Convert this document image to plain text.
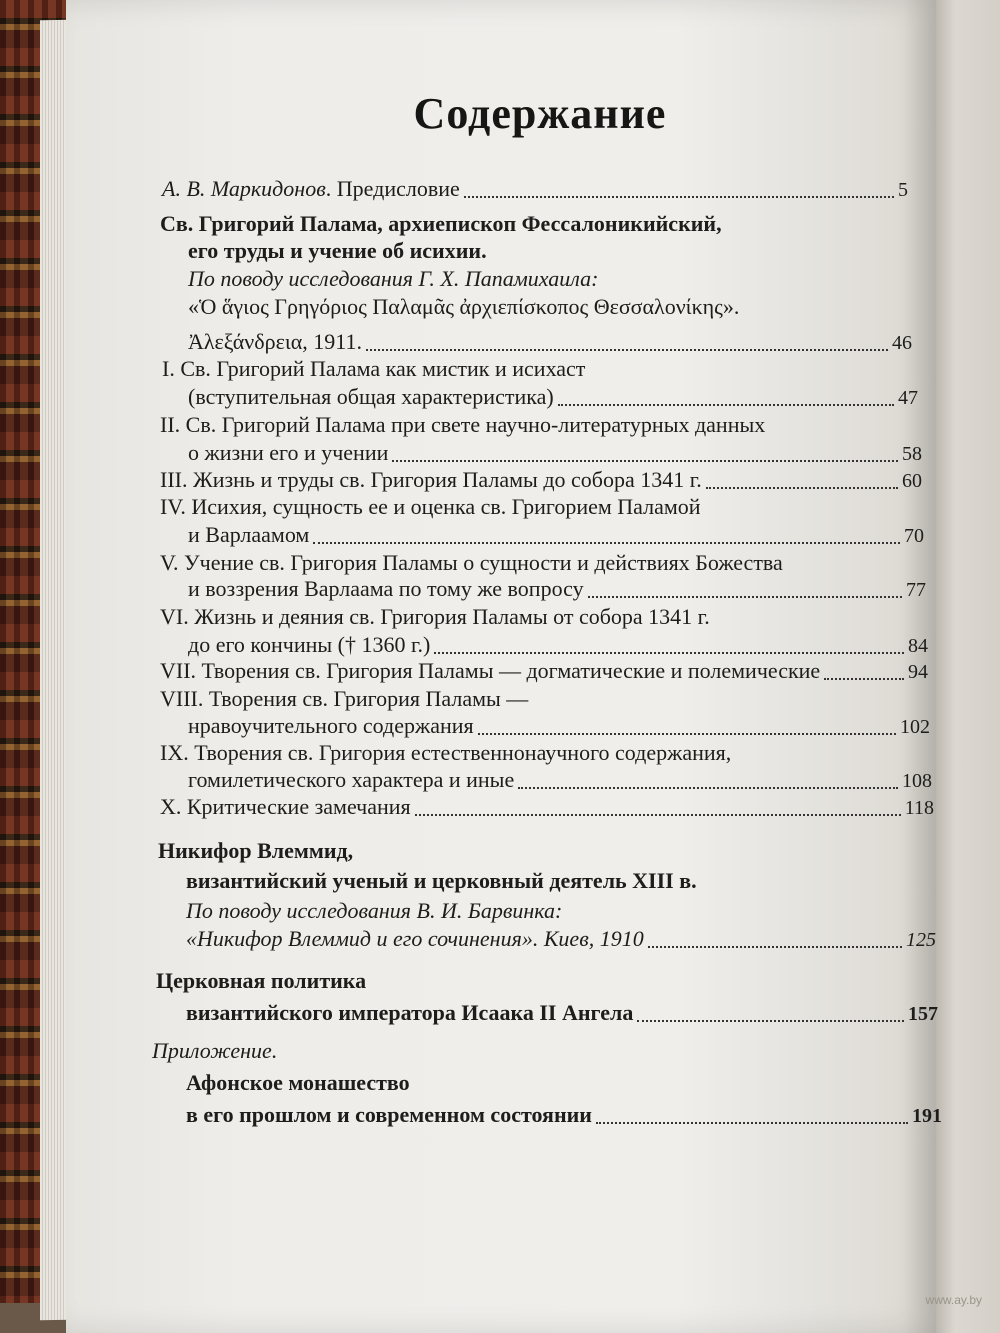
Содержание
А. В. Маркидонов . Предисловие	5
Св. Григорий Палама, архиепископ Фессалоникийский,
его труды и учение об исихии.
По поводу исследования Г. Х. Папамихаила:
«Ὁ ἅγιος Γρηγόριος Παλαμᾶς ἀρχιεπίσκοπος Θεσσαλονίκης».
Ἀλεξάνδρεια, 1911.	46
I. Св. Григорий Палама как мистик и исихаст
(вступительная общая характеристика)	47
II. Св. Григорий Палама при свете научно-литературных данных
о жизни его и учении	58
III. Жизнь и труды св. Григория Паламы до собора 1341 г.	60
IV. Исихия, сущность ее и оценка св. Григорием Паламой
и Варлаамом	70
V. Учение св. Григория Паламы о сущности и действиях Божества
и воззрения Варлаама по тому же вопросу	77
VI. Жизнь и деяния св. Григория Паламы от собора 1341 г.
до его кончины († 1360 г.)	84
VII. Творения св. Григория Паламы — догматические и полемические	94
VIII. Творения св. Григория Паламы —
нравоучительного содержания	102
IX. Творения св. Григория естественнонаучного содержания,
гомилетического характера и иные	108
X. Критические замечания	118
Никифор Влеммид,
византийский ученый и церковный деятель XIII в.
По поводу исследования В. И. Барвинка:
«Никифор Влеммид и его сочинения». Киев, 1910	125
Церковная политика
византийского императора Исаака II Ангела	157
Приложение.
Афонское монашество
в его прошлом и современном состоянии	191
www.ay.by
